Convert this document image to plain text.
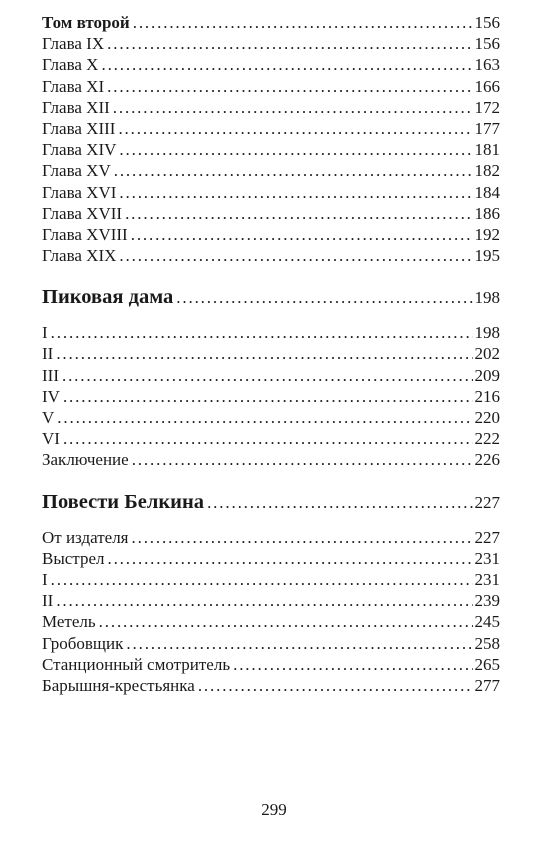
Том второй . . .	156
Глава IX . . .	156
Глава X . . .	163
Глава XI . . .	166
Глава XII . . .	172
Глава XIII . . .	177
Глава XIV . . .	181
Глава XV . . .	182
Глава XVI . . .	184
Глава XVII . . .	186
Глава XVIII . . .	192
Глава XIX . . .	195
Пиковая дама . . .	198
I . . .	198
II . . .	202
III . . .	209
IV . . .	216
V . . .	220
VI . . .	222
Заключение . . .	226
Повести Белкина . . .	227
От издателя . . .	227
Выстрел . . .	231
I . . .	231
II . . .	239
Метель . . .	245
Гробовщик . . .	258
Станционный смотритель . . .	265
Барышня-крестьянка . . .	277
299
